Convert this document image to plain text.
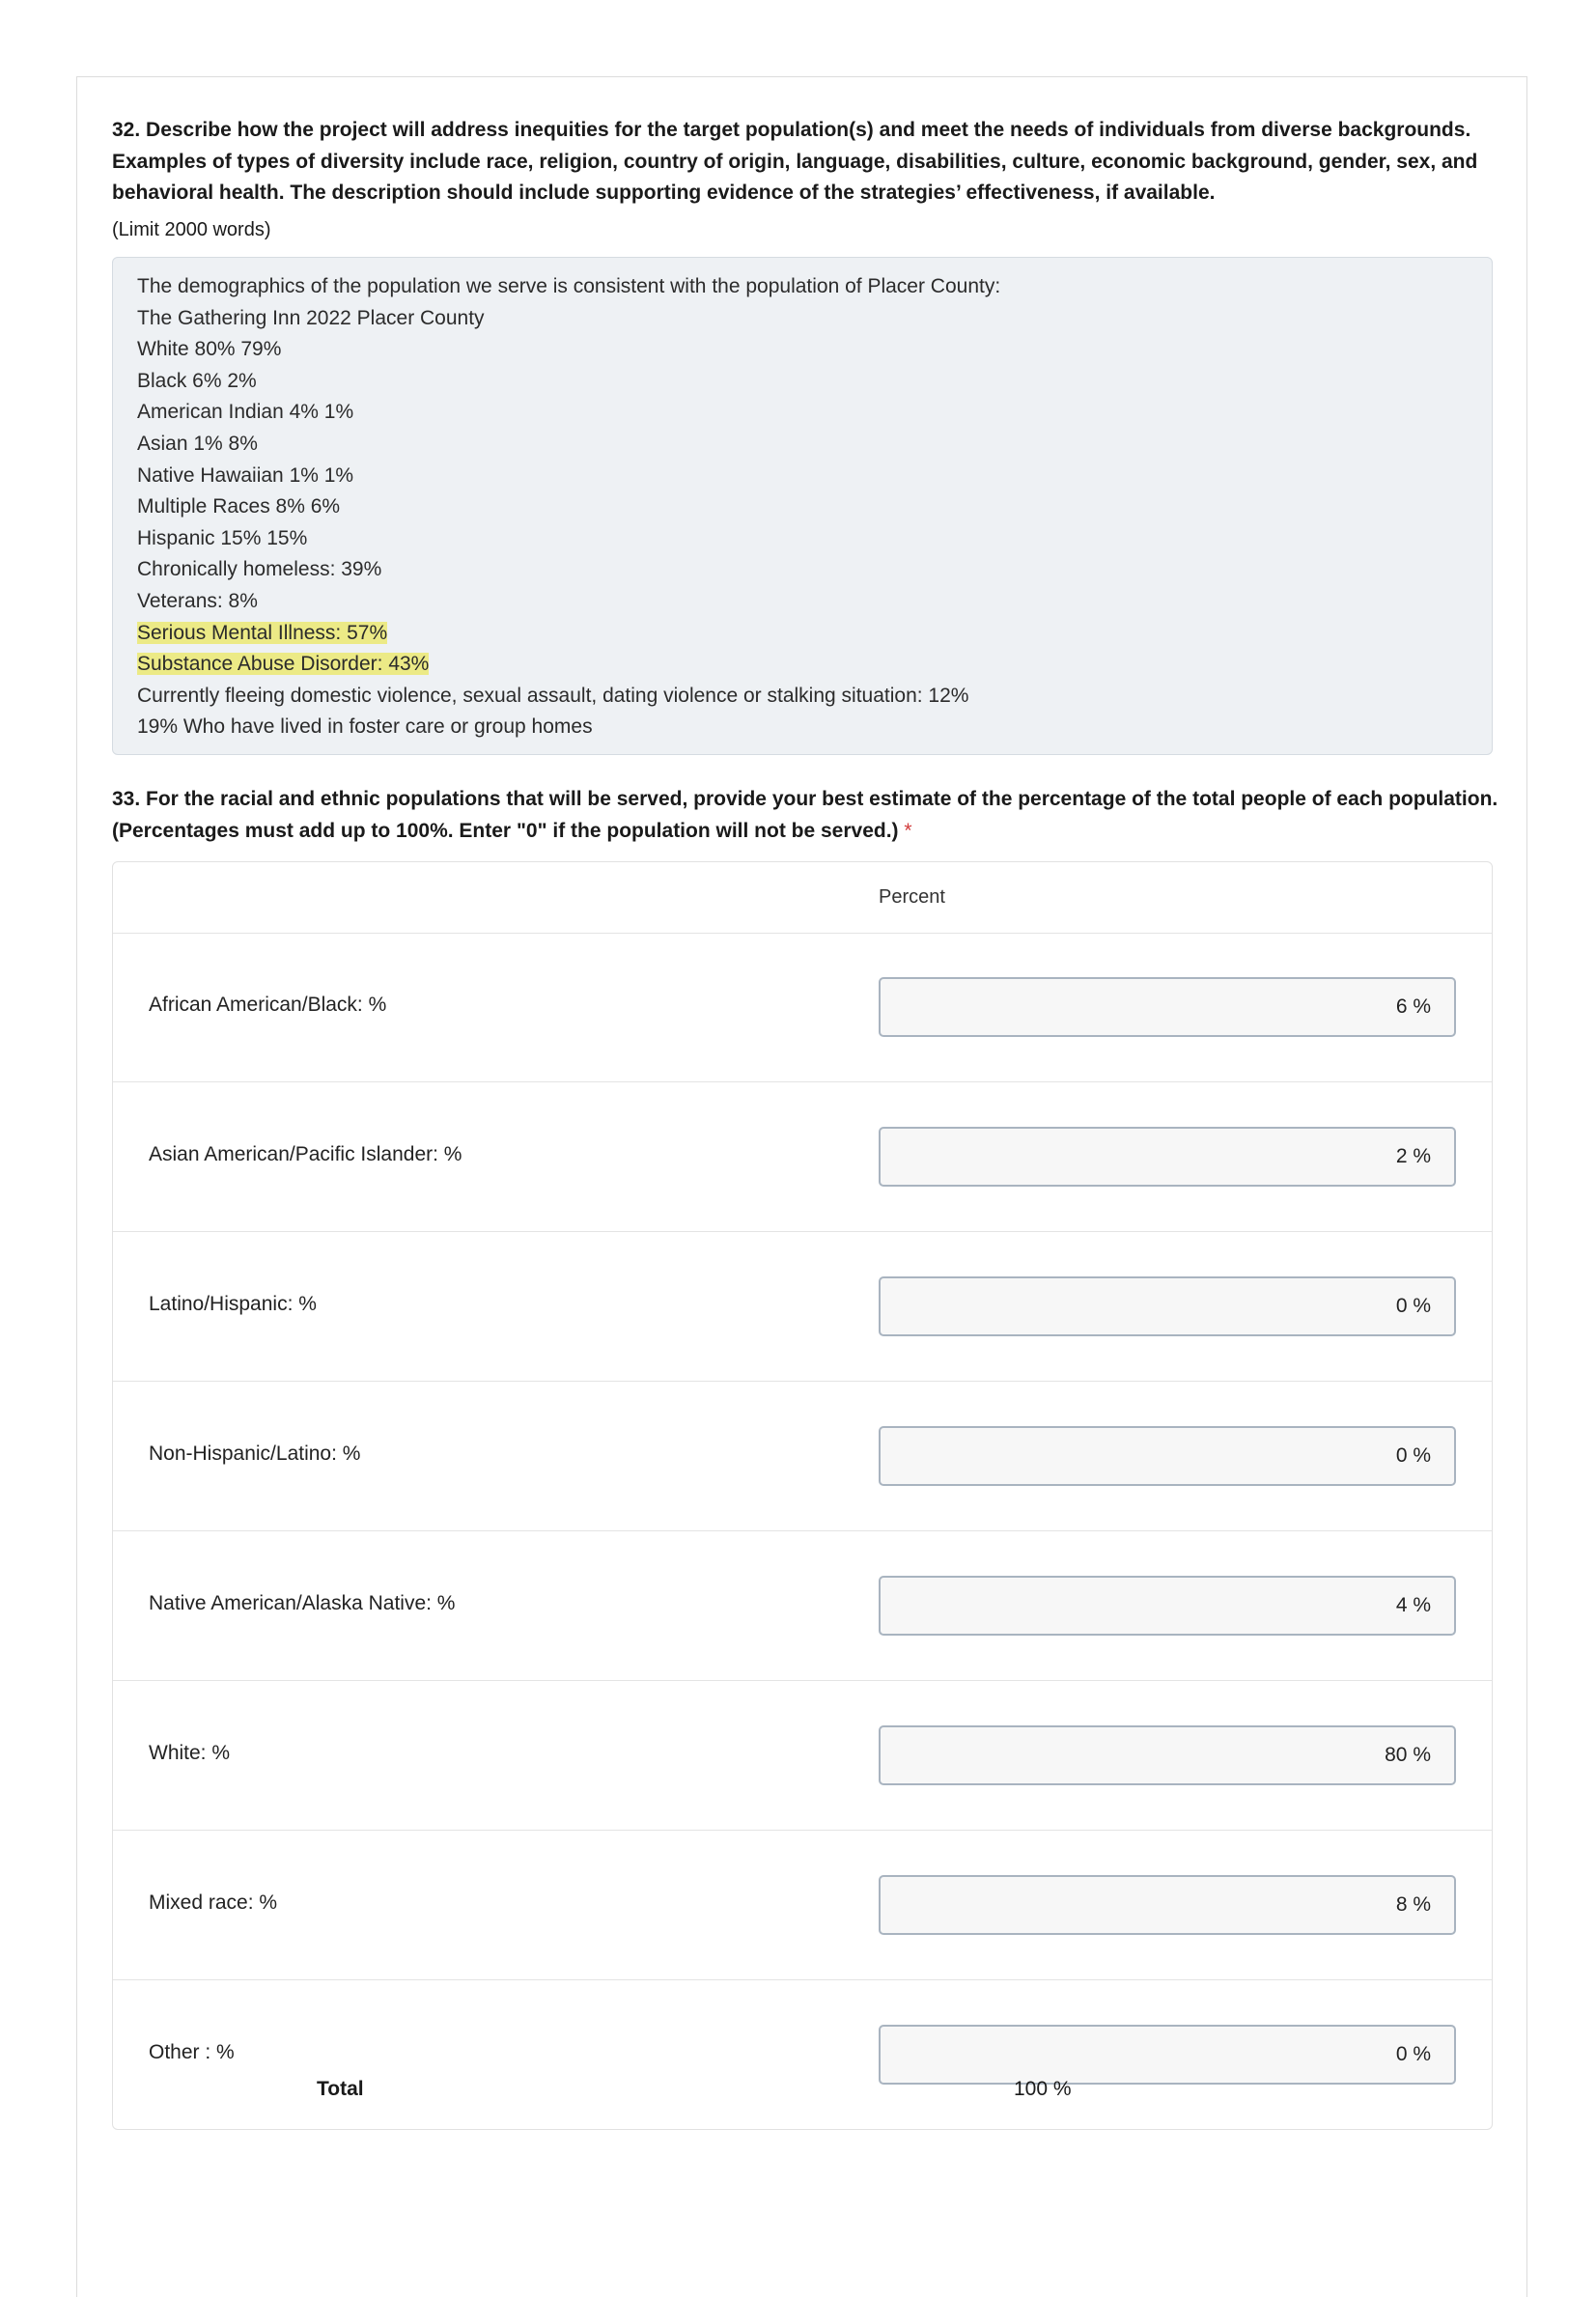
32. Describe how the project will address inequities for the target population(s) and meet the needs of individuals from diverse backgrounds. Examples of types of diversity include race, religion, country of origin, language, disabilities, culture, economic background, gender, sex, and behavioral health. The description should include supporting evidence of the strategies’ effectiveness, if available.

(Limit 2000 words)
The demographics of the population we serve is consistent with the population of Placer County:
The Gathering Inn 2022 Placer County
White 80% 79%
Black 6% 2%
American Indian 4% 1%
Asian 1% 8%
Native Hawaiian 1% 1%
Multiple Races 8% 6%
Hispanic 15% 15%
Chronically homeless: 39%
Veterans: 8%
Serious Mental Illness: 57%
Substance Abuse Disorder: 43%
Currently fleeing domestic violence, sexual assault, dating violence or stalking situation: 12%
19% Who have lived in foster care or group homes

33. For the racial and ethnic populations that will be served, provide your best estimate of the percentage of the total people of each population. (Percentages must add up to 100%. Enter "0" if the population will not be served.) *

Percent
African American/Black: %	6 %
Asian American/Pacific Islander: %	2 %
Latino/Hispanic: %	0 %
Non-Hispanic/Latino: %	0 %
Native American/Alaska Native: %	4 %
White: %	80 %
Mixed race: %	8 %
Other : %	0 %
Total	100 %
